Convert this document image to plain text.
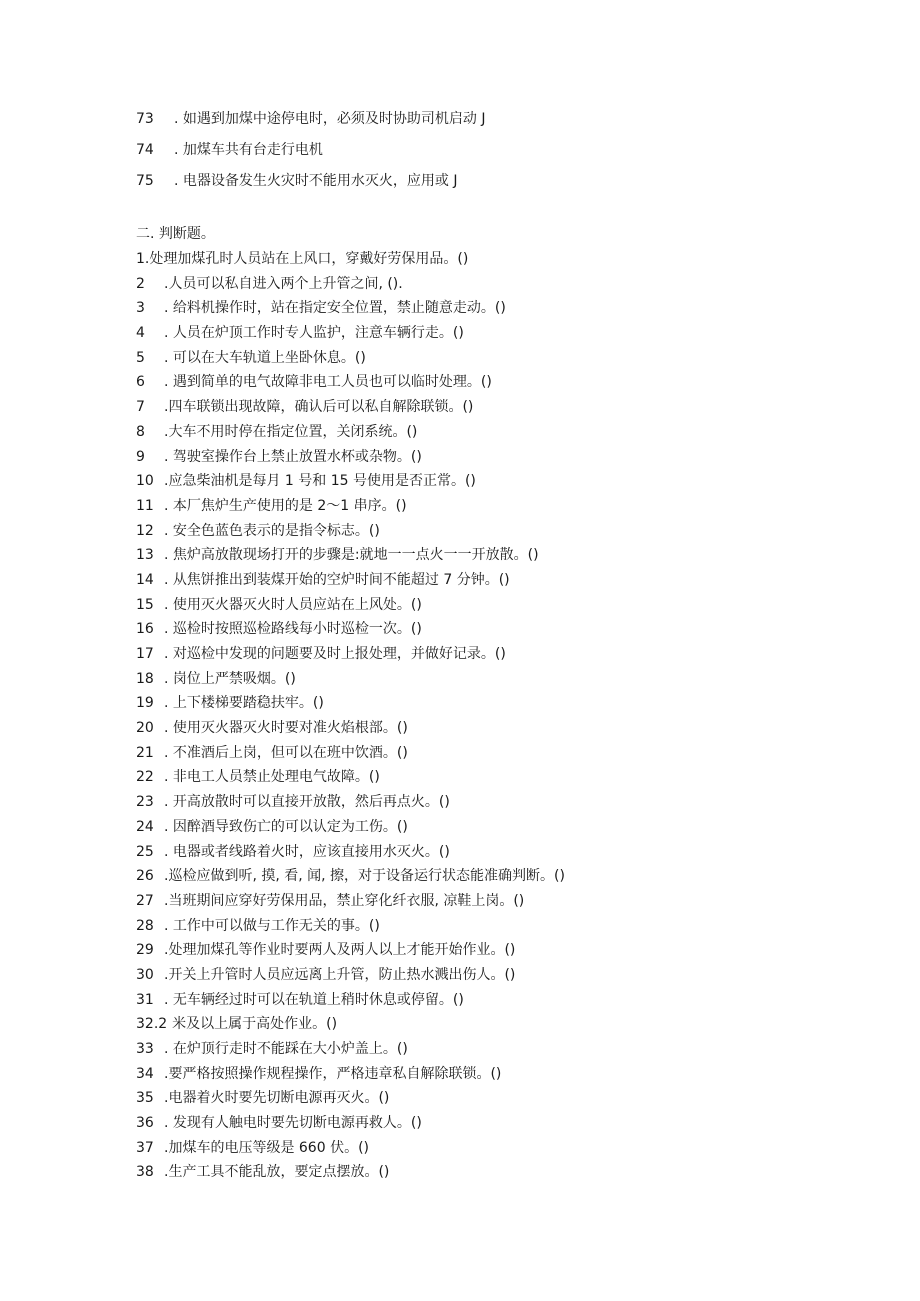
73	. 如遇到加煤中途停电时，必须及时协助司机启动 J
74	. 加煤车共有台走行电机
75	. 电器设备发生火灾时不能用水灭火，应用或 J
二. 判断题。
1. 处理加煤孔时人员站在上风口，穿戴好劳保用品。()
2	.人员可以私自进入两个上升管之间, ().
3	. 给料机操作时，站在指定安全位置，禁止随意走动。()
4	. 人员在炉顶工作时专人监护，注意车辆行走。()
5	. 可以在大车轨道上坐卧休息。()
6	. 遇到简单的电气故障非电工人员也可以临时处理。()
7	.四车联锁出现故障，确认后可以私自解除联锁。()
8	.大车不用时停在指定位置，关闭系统。()
9	. 驾驶室操作台上禁止放置水杯或杂物。()
10 .应急柴油机是每月 1 号和 15 号使用是否正常。()
11 . 本厂焦炉生产使用的是 2～1 串序。()
12 . 安全色蓝色表示的是指令标志。()
13 . 焦炉高放散现场打开的步骤是:就地一一点火一一开放散。()
14 . 从焦饼推出到装煤开始的空炉时间不能超过 7 分钟。()
15 . 使用灭火器灭火时人员应站在上风处。()
16 . 巡检时按照巡检路线每小时巡检一次。()
17 . 对巡检中发现的问题要及时上报处理，并做好记录。()
18 . 岗位上严禁吸烟。()
19 . 上下楼梯要踏稳扶牢。()
20 . 使用灭火器灭火时要对准火焰根部。()
21 . 不准酒后上岗，但可以在班中饮酒。()
22 . 非电工人员禁止处理电气故障。()
23 . 开高放散时可以直接开放散，然后再点火。()
24 . 因醉酒导致伤亡的可以认定为工伤。()
25 . 电器或者线路着火时，应该直接用水灭火。()
26 .巡检应做到听, 摸, 看, 闻, 擦，对于设备运行状态能准确判断。()
27 .当班期间应穿好劳保用品，禁止穿化纤衣服, 凉鞋上岗。()
28 . 工作中可以做与工作无关的事。()
29 .处理加煤孔等作业时要两人及两人以上才能开始作业。()
30 .开关上升管时人员应远离上升管，防止热水溅出伤人。()
31 . 无车辆经过时可以在轨道上稍时休息或停留。()
32.2 米及以上属于高处作业。()
33 . 在炉顶行走时不能踩在大小炉盖上。()
34 .要严格按照操作规程操作，严格违章私自解除联锁。()
35 .电器着火时要先切断电源再灭火。()
36 . 发现有人触电时要先切断电源再救人。()
37 .加煤车的电压等级是 660 伏。()
38 .生产工具不能乱放，要定点摆放。()
